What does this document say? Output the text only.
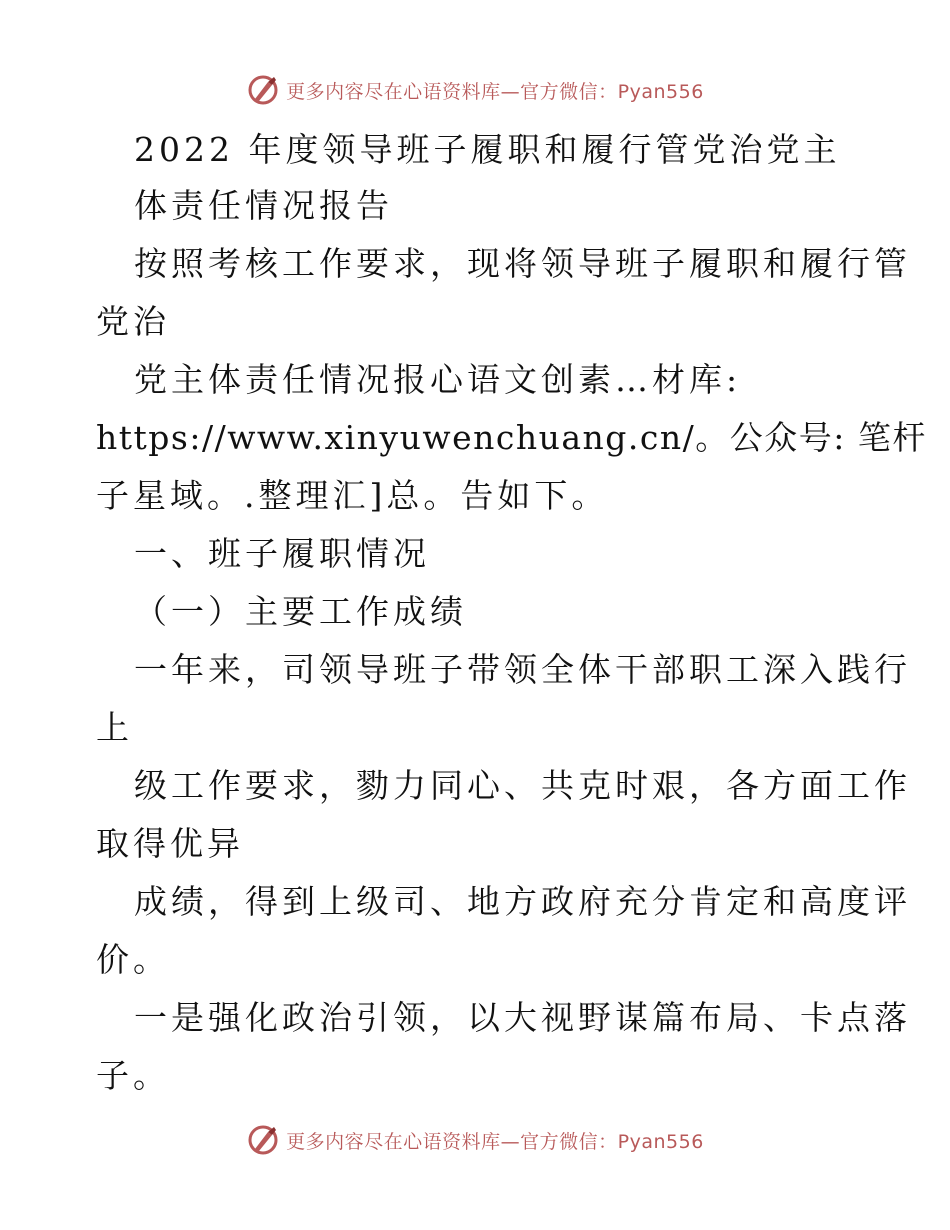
更多内容尽在心语资料库—官方微信：Pyan556
2022 年度领导班子履职和履行管党治党主
体责任情况报告
按照考核工作要求，现将领导班子履职和履行管
党治
党主体责任情况报心语文创素…材库:
https://www.xinyuwenchuang.cn/。公众号: 笔杆
子星域。.整理汇]总。告如下。
一、班子履职情况
（一）主要工作成绩
一年来，司领导班子带领全体干部职工深入践行
上
级工作要求，勠力同心、共克时艰，各方面工作
取得优异
成绩，得到上级司、地方政府充分肯定和高度评
价。
一是强化政治引领，以大视野谋篇布局、卡点落
子。
更多内容尽在心语资料库—官方微信：Pyan556
